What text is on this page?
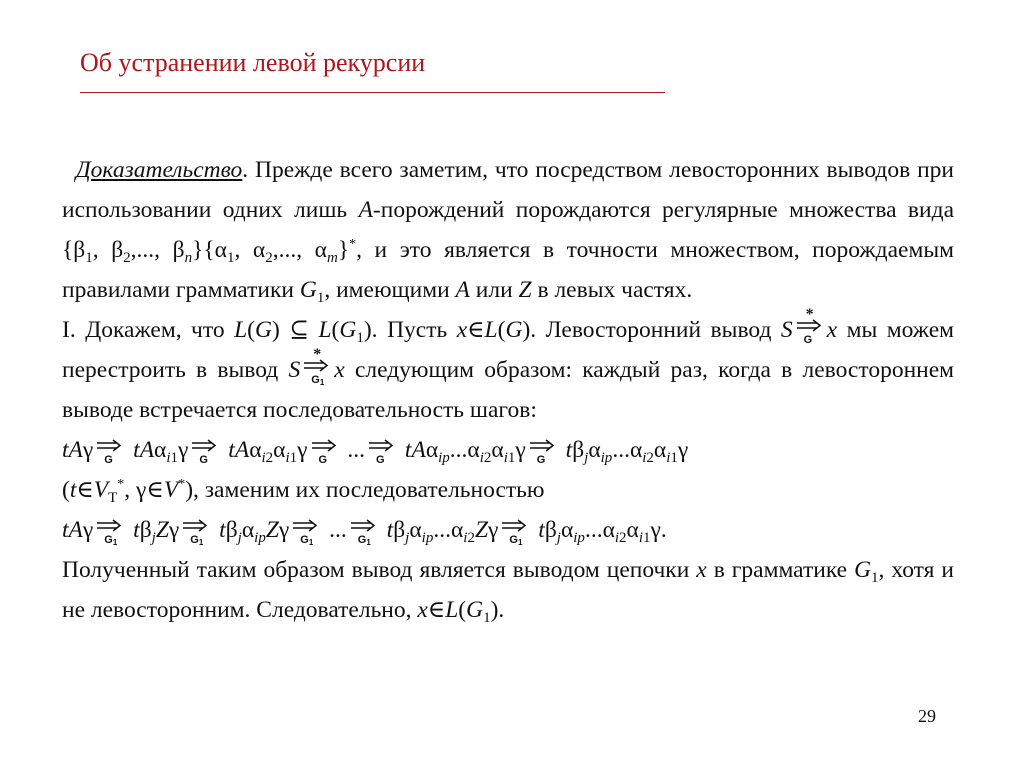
Об устранении левой рекурсии
Доказательство. Прежде всего заметим, что посредством левосторонних выводов при использовании одних лишь A-порождений порождаются регулярные множества вида {$\beta_1$, $\beta_2$,..., $\beta_n\}\{\alpha_1$, $\alpha_2$,..., $\alpha_m\}^*$, и это является в точности множеством, порождаемым правилами грамматики $G_1$, имеющими A или Z в левых частях.
I. Докажем, что L(G) ⊆ $L(G_1)$. Пусть x∈L(G). Левосторонний вывод S
*
G x мы можем перестроить в вывод S
*
$G_1$ x следующим образом: каждый раз, когда в левостороннем выводе встречается последовательность шагов:
tAγ G tAα$_{i1}$γ G $tA\alpha_{i2}\alpha_{i1}\gamma$ G ... G $tA\alpha_{ip}...\alpha_{i2}\alpha_{i1}\gamma$ G $t\beta_j\alpha_{ip}...\alpha_{i2}\alpha_{i1}\gamma$
($t\in V_Т^*$, γ∈V*), заменим их последовательностью
tAγ $G_1$ $t\beta_jZ\gamma$ $G_1$ $t\beta_j\alpha_{ip}Z\gamma$ $G_1$ ... $G_1$ $t\beta_j\alpha_{ip}...\alpha_{i2}Z\gamma$ $G_1$ $t\beta_j\alpha_{ip}...\alpha_{i2}\alpha_{i1}\gamma$.
Полученный таким образом вывод является выводом цепочки x в грамматике $G_1$, хотя и не левосторонним. Следовательно, $x\in L(G_1)$.
29
